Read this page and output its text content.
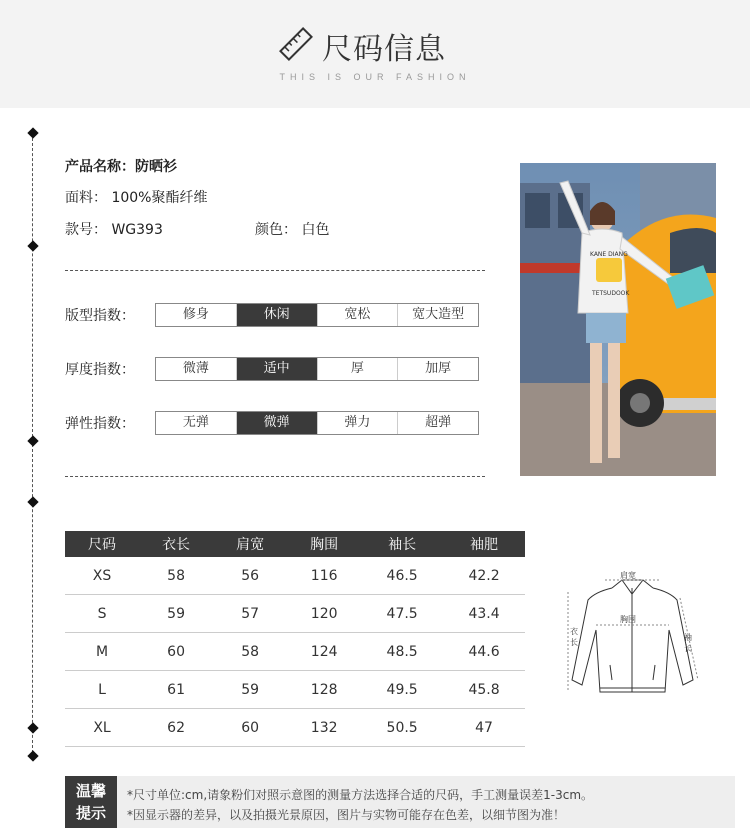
尺码信息
THIS IS OUR FASHION
产品名称：防晒衫
面料： 100%聚酯纤维
款号： WG393	颜色： 白色
版型指数：	修身	休闲	宽松	宽大造型
厚度指数：	微薄	适中	厚	加厚
弹性指数：	无弹	微弹	弹力	超弹
KANE DIANG
TETSUDOOK
尺码	衣长	肩宽	胸围	袖长	袖肥
XS	58	56	116	46.5	42.2
S	59	57	120	47.5	43.4
M	60	58	124	48.5	44.6
L	61	59	128	49.5	45.8
XL	62	60	132	50.5	47
肩宽
胸围
衣
长
袖
长
温馨
提示
*尺寸单位:cm,请象粉们对照示意图的测量方法选择合适的尺码，手工测量误差1-3cm。
*因显示器的差异，以及拍摄光景原因，图片与实物可能存在色差，以细节图为准！
